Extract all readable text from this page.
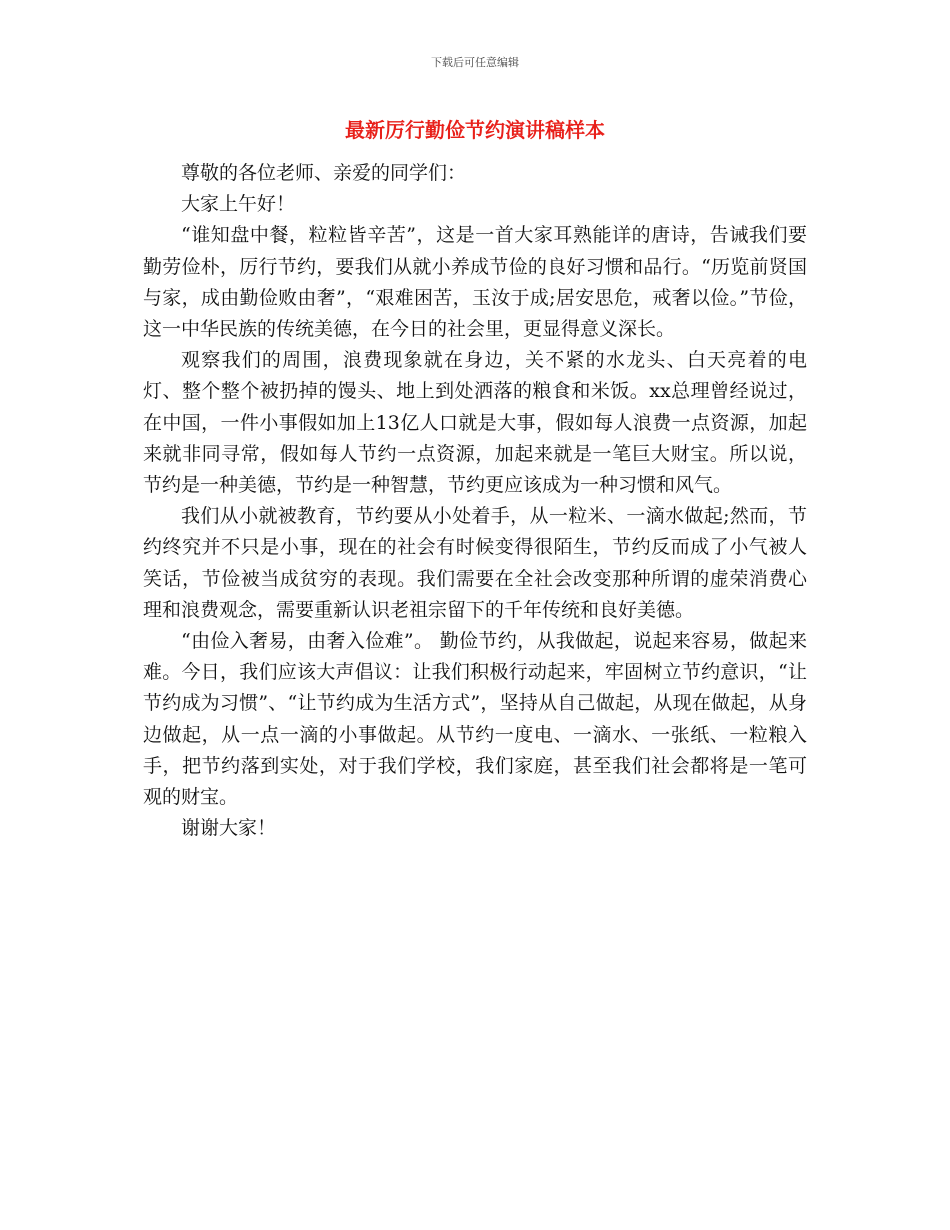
下载后可任意编辑
最新厉行勤俭节约演讲稿样本

尊敬的各位老师、亲爱的同学们：

大家上午好！

“谁知盘中餐，粒粒皆辛苦”，这是一首大家耳熟能详的唐诗，告诫我们要勤劳俭朴，厉行节约，要我们从就小养成节俭的良好习惯和品行。“历览前贤国与家，成由勤俭败由奢”，“艰难困苦，玉汝于成;居安思危，戒奢以俭。”节俭，这一中华民族的传统美德，在今日的社会里，更显得意义深长。

观察我们的周围，浪费现象就在身边，关不紧的水龙头、白天亮着的电灯、整个整个被扔掉的馒头、地上到处洒落的粮食和米饭。xx总理曾经说过，在中国，一件小事假如加上13亿人口就是大事，假如每人浪费一点资源，加起来就非同寻常，假如每人节约一点资源，加起来就是一笔巨大财宝。所以说，节约是一种美德，节约是一种智慧，节约更应该成为一种习惯和风气。

我们从小就被教育，节约要从小处着手，从一粒米、一滴水做起;然而，节约终究并不只是小事，现在的社会有时候变得很陌生，节约反而成了小气被人笑话，节俭被当成贫穷的表现。我们需要在全社会改变那种所谓的虚荣消费心理和浪费观念，需要重新认识老祖宗留下的千年传统和良好美德。

“由俭入奢易，由奢入俭难”。 勤俭节约，从我做起，说起来容易，做起来难。今日，我们应该大声倡议：让我们积极行动起来，牢固树立节约意识，“让节约成为习惯”、“让节约成为生活方式”，坚持从自己做起，从现在做起，从身边做起，从一点一滴的小事做起。从节约一度电、一滴水、一张纸、一粒粮入手，把节约落到实处，对于我们学校，我们家庭，甚至我们社会都将是一笔可观的财宝。

谢谢大家！
